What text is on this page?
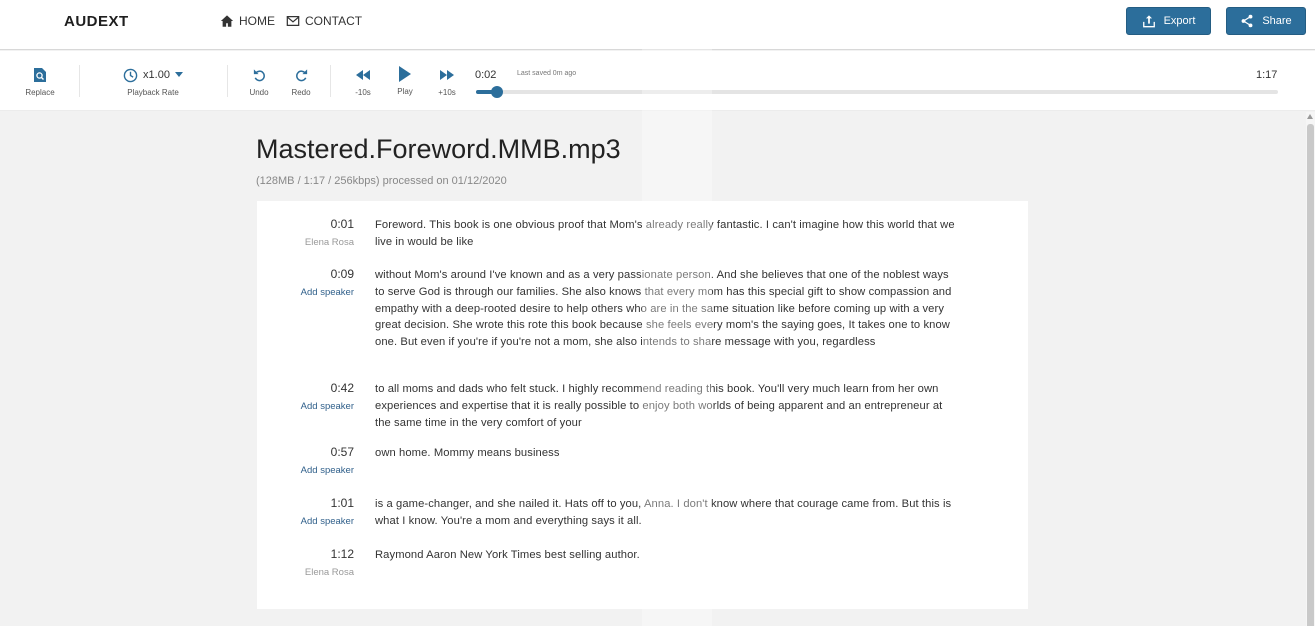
AUDEXT	HOME	CONTACT	Export	Share
Replace
x1.00
Playback Rate	Undo	Redo	-10s	Play	+10s
0:02	Last saved 0m ago	1:17
Mastered.Foreword.MMB.mp3
(128MB / 1:17 / 256kbps) processed on 01/12/2020
0:01
Elena Rosa
Foreword. This book is one obvious proof that Mom's already really fantastic. I can't imagine how this world that we live in would be like
0:09
Add speaker
without Mom's around I've known and as a very passionate person. And she believes that one of the noblest ways to serve God is through our families. She also knows that every mom has this special gift to show compassion and empathy with a deep-rooted desire to help others who are in the same situation like before coming up with a very great decision. She wrote this rote this book because she feels every mom's the saying goes, It takes one to know one. But even if you're if you're not a mom, she also intends to share message with you, regardless
0:42
Add speaker
to all moms and dads who felt stuck. I highly recommend reading this book. You'll very much learn from her own experiences and expertise that it is really possible to enjoy both worlds of being apparent and an entrepreneur at the same time in the very comfort of your
0:57
Add speaker
own home. Mommy means business
1:01
Add speaker
is a game-changer, and she nailed it. Hats off to you, Anna. I don't know where that courage came from. But this is what I know. You're a mom and everything says it all.
1:12
Elena Rosa
Raymond Aaron New York Times best selling author.
